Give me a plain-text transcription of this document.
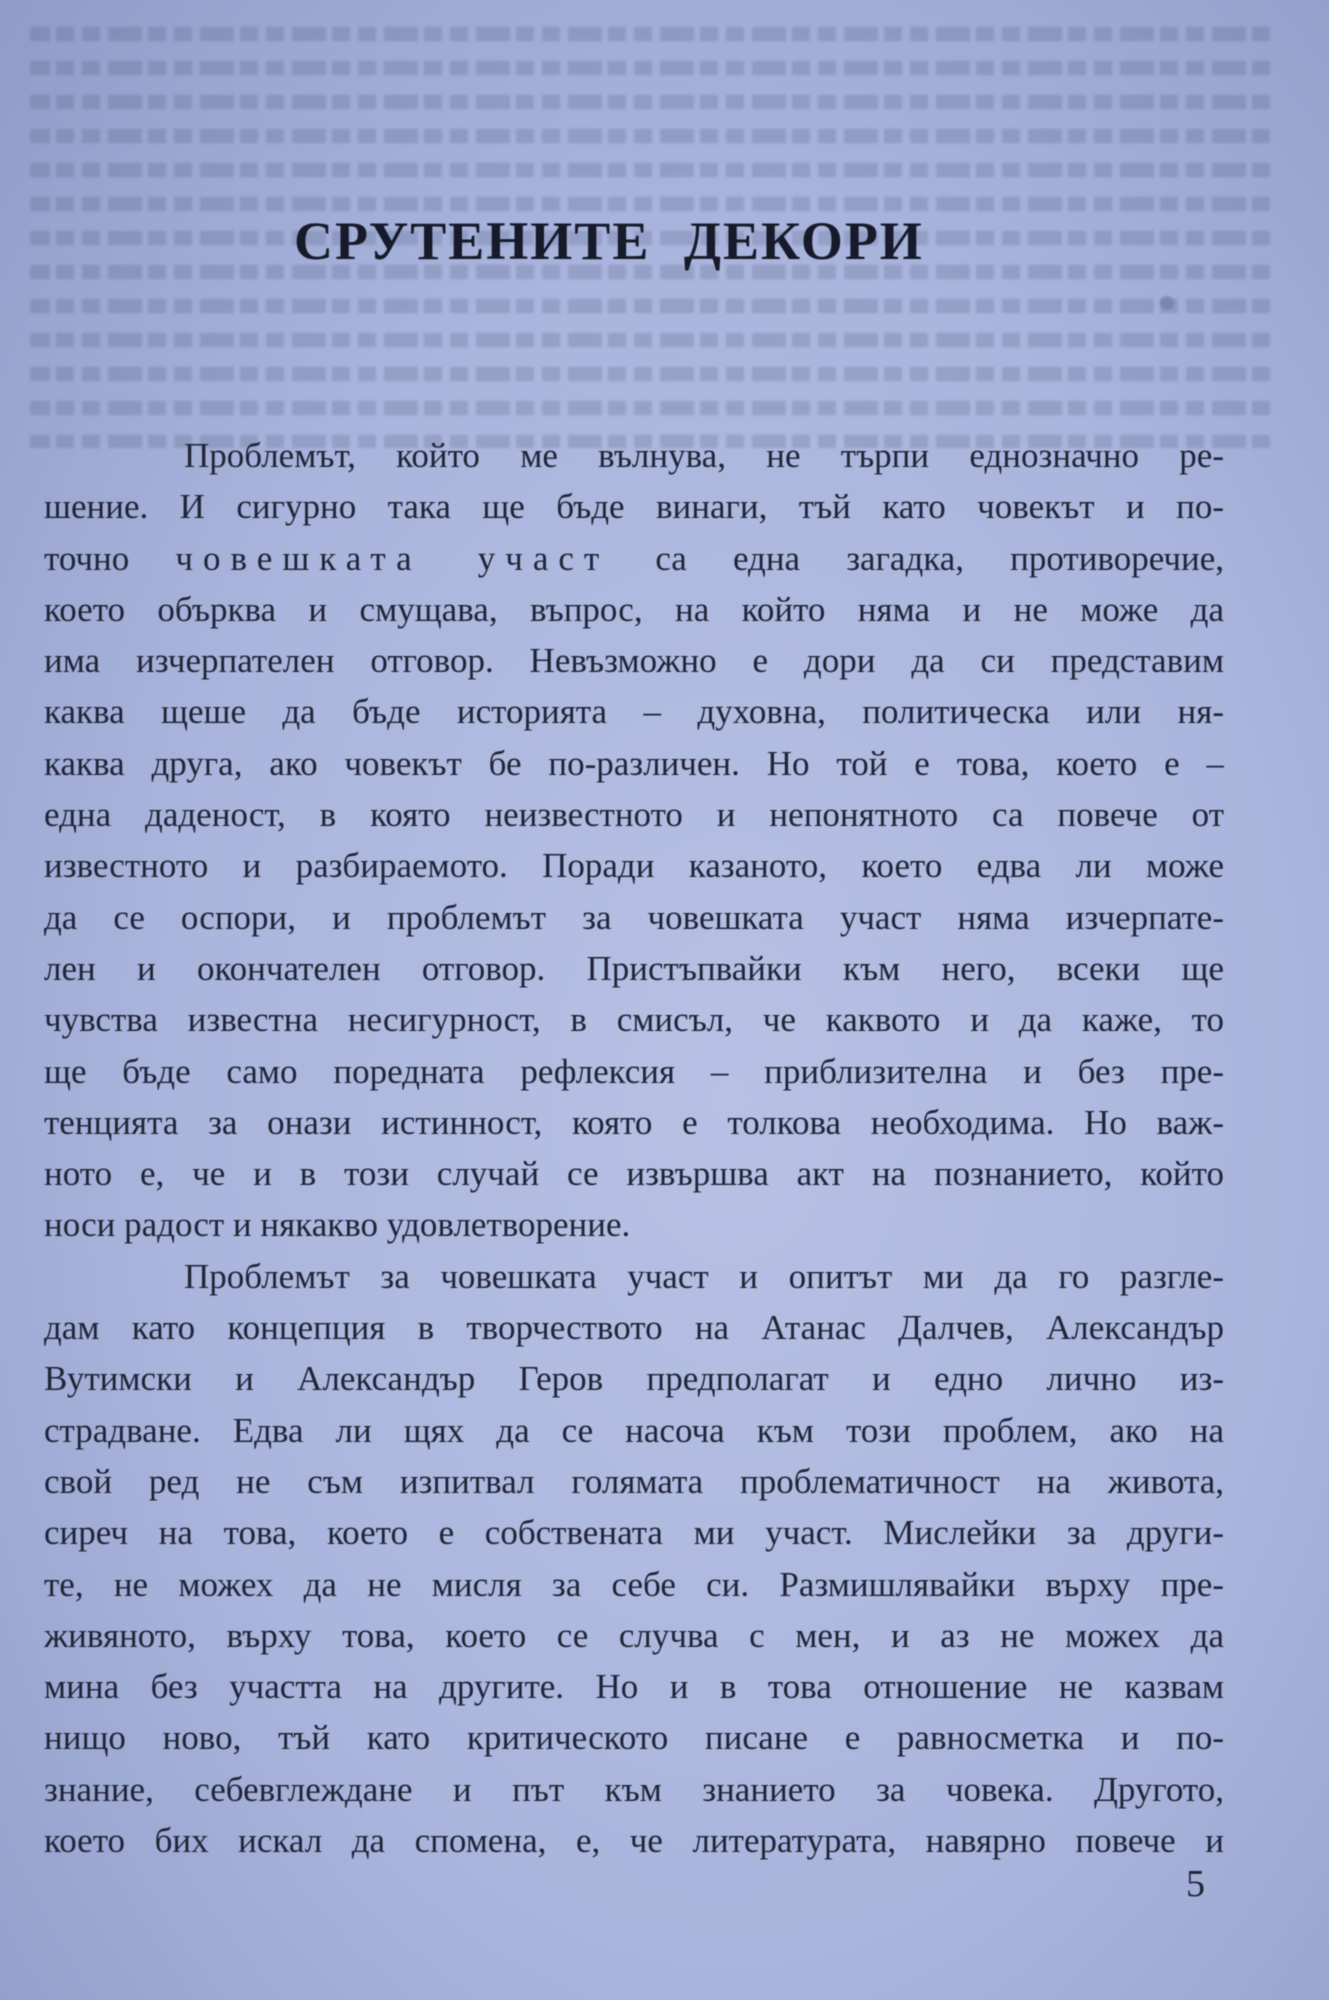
СРУТЕНИТЕ ДЕКОРИ
Проблемът, който ме вълнува, не търпи еднозначно ре-
шение. И сигурно така ще бъде винаги, тъй като човекът и по-
точно човешката участ са една загадка, противоречие,
което обърква и смущава, въпрос, на който няма и не може да
има изчерпателен отговор. Невъзможно е дори да си представим
каква щеше да бъде историята – духовна, политическа или ня-
каква друга, ако човекът бе по-различен. Но той е това, което е –
една даденост, в която неизвестното и непонятното са повече от
известното и разбираемото. Поради казаното, което едва ли може
да се оспори, и проблемът за човешката участ няма изчерпате-
лен и окончателен отговор. Пристъпвайки към него, всеки ще
чувства известна несигурност, в смисъл, че каквото и да каже, то
ще бъде само поредната рефлексия – приблизителна и без пре-
тенцията за онази истинност, която е толкова необходима. Но важ-
ното е, че и в този случай се извършва акт на познанието, който
носи радост и някакво удовлетворение.
Проблемът за човешката участ и опитът ми да го разгле-
дам като концепция в творчеството на Атанас Далчев, Александър
Вутимски и Александър Геров предполагат и едно лично из-
страдване. Едва ли щях да се насоча към този проблем, ако на
свой ред не съм изпитвал голямата проблематичност на живота,
сиреч на това, което е собствената ми участ. Мислейки за други-
те, не можех да не мисля за себе си. Размишлявайки върху пре-
живяното, върху това, което се случва с мен, и аз не можех да
мина без участта на другите. Но и в това отношение не казвам
нищо ново, тъй като критическото писане е равносметка и по-
знание, себевглеждане и път към знанието за човека. Другото,
което бих искал да спомена, е, че литературата, навярно повече и
5
